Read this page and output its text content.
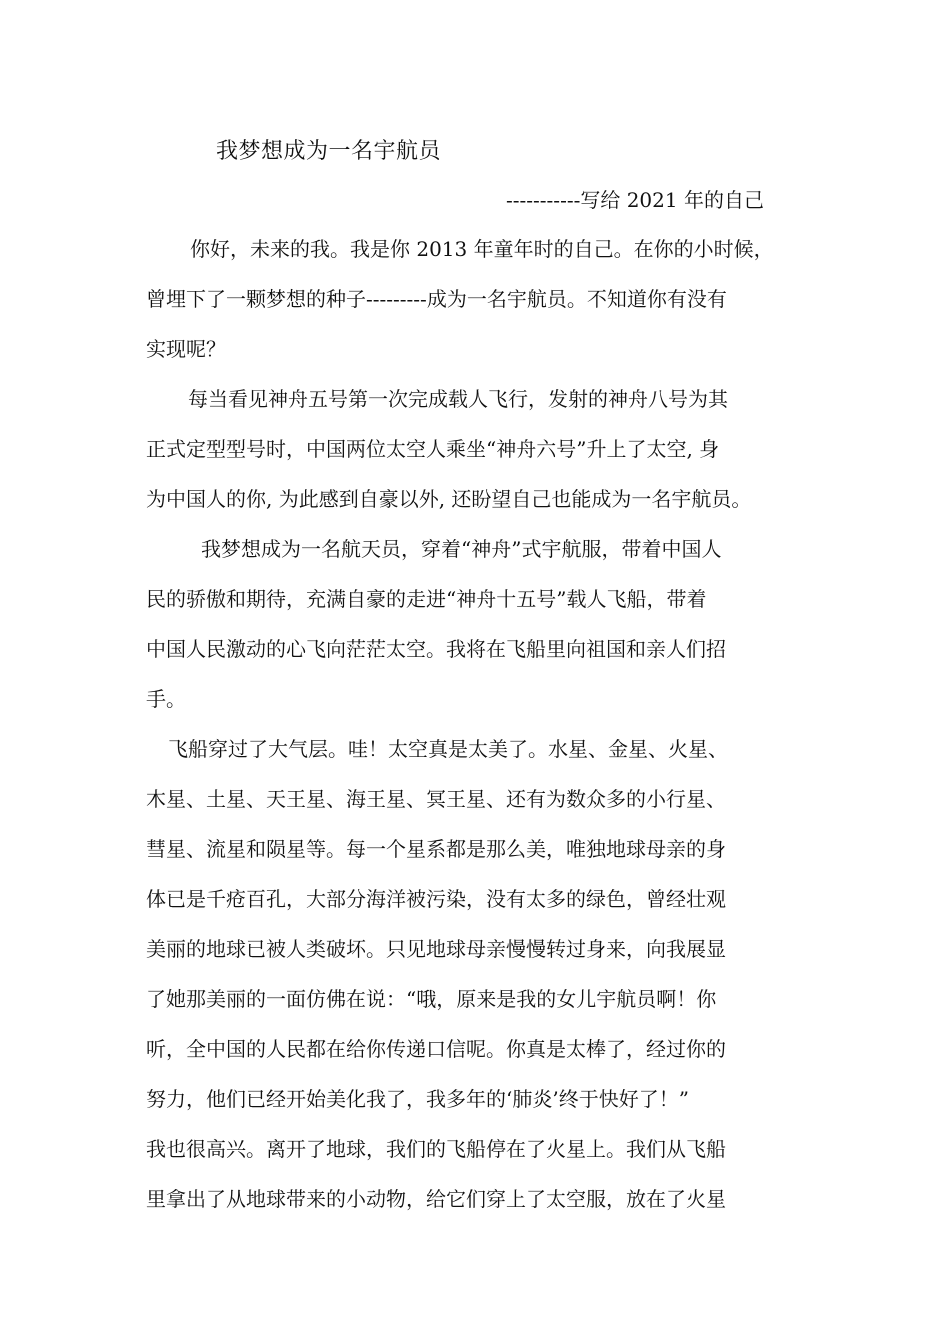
我梦想成为一名宇航员
-----------写给 2021 年的自己
你好，未来的我。我是你 2013 年童年时的自己。在你的小时候，
曾埋下了一颗梦想的种子---------成为一名宇航员。不知道你有没有
实现呢？
每当看见神舟五号第一次完成载人飞行，发射的神舟八号为其
正式定型型号时，中国两位太空人乘坐“神舟六号”升上了太空, 身
为中国人的你, 为此感到自豪以外, 还盼望自己也能成为一名宇航员。
我梦想成为一名航天员，穿着“神舟”式宇航服，带着中国人
民的骄傲和期待，充满自豪的走进“神舟十五号”载人飞船，带着
中国人民激动的心飞向茫茫太空。我将在飞船里向祖国和亲人们招
手。
飞船穿过了大气层。哇！太空真是太美了。水星、金星、火星、
木星、土星、天王星、海王星、冥王星、还有为数众多的小行星、
彗星、流星和陨星等。每一个星系都是那么美，唯独地球母亲的身
体已是千疮百孔，大部分海洋被污染，没有太多的绿色，曾经壮观
美丽的地球已被人类破坏。只见地球母亲慢慢转过身来，向我展显
了她那美丽的一面仿佛在说：“哦，原来是我的女儿宇航员啊！你
听，全中国的人民都在给你传递口信呢。你真是太棒了，经过你的
努力，他们已经开始美化我了，我多年的‘肺炎’终于快好了！”
我也很高兴。离开了地球，我们的飞船停在了火星上。我们从飞船
里拿出了从地球带来的小动物，给它们穿上了太空服，放在了火星
